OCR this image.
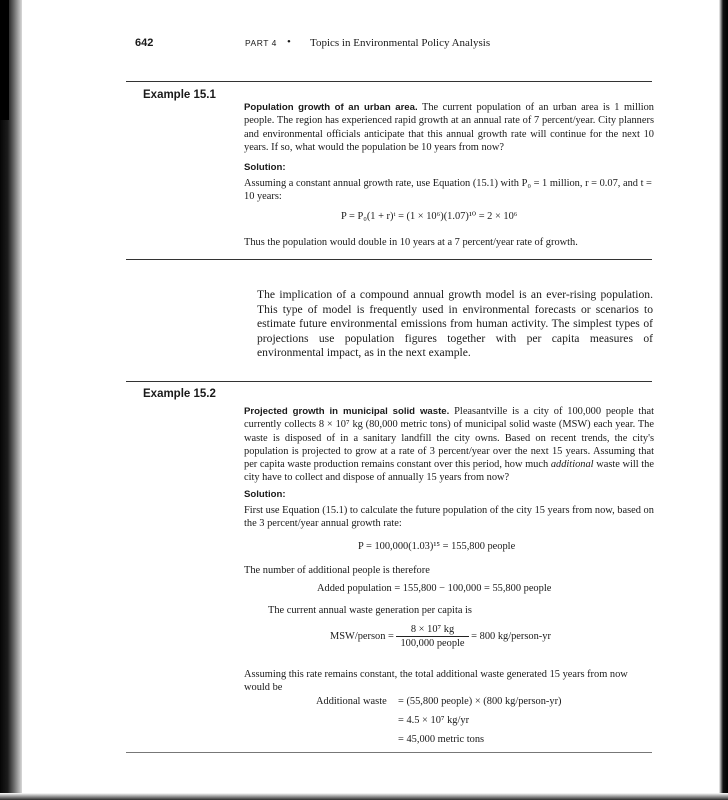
642	PART 4 • Topics in Environmental Policy Analysis
Example 15.1
Population growth of an urban area. The current population of an urban area is 1 million people. The region has experienced rapid growth at an annual rate of 7 percent/year. City planners and environmental officials anticipate that this annual growth rate will continue for the next 10 years. If so, what would the population be 10 years from now?
Solution:
Assuming a constant annual growth rate, use Equation (15.1) with P₀ = 1 million, r = 0.07, and t = 10 years:
P = P₀(1 + r)ᵗ = (1 × 10⁶)(1.07)¹⁰ = 2 × 10⁶
Thus the population would double in 10 years at a 7 percent/year rate of growth.
The implication of a compound annual growth model is an ever-rising population. This type of model is frequently used in environmental forecasts or scenarios to estimate future environmental emissions from human activity. The simplest types of projections use population figures together with per capita measures of environmental impact, as in the next example.
Example 15.2
Projected growth in municipal solid waste. Pleasantville is a city of 100,000 people that currently collects 8 × 10⁷ kg (80,000 metric tons) of municipal solid waste (MSW) each year. The waste is disposed of in a sanitary landfill the city owns. Based on recent trends, the city's population is projected to grow at a rate of 3 percent/year over the next 15 years. Assuming that per capita waste production remains constant over this period, how much additional waste will the city have to collect and dispose of annually 15 years from now?
Solution:
First use Equation (15.1) to calculate the future population of the city 15 years from now, based on the 3 percent/year annual growth rate:
P = 100,000(1.03)¹⁵ = 155,800 people
The number of additional people is therefore
Added population = 155,800 − 100,000 = 55,800 people
The current annual waste generation per capita is
MSW/person = $\frac{\text{8 × 10⁷ kg}}{\text{100,000 people}} = 800$ kg/person-yr
Assuming this rate remains constant, the total additional waste generated 15 years from now would be
Additional waste = (55,800 people) × (800 kg/person-yr)
= 4.5 × 10⁷ kg/yr
= 45,000 metric tons
